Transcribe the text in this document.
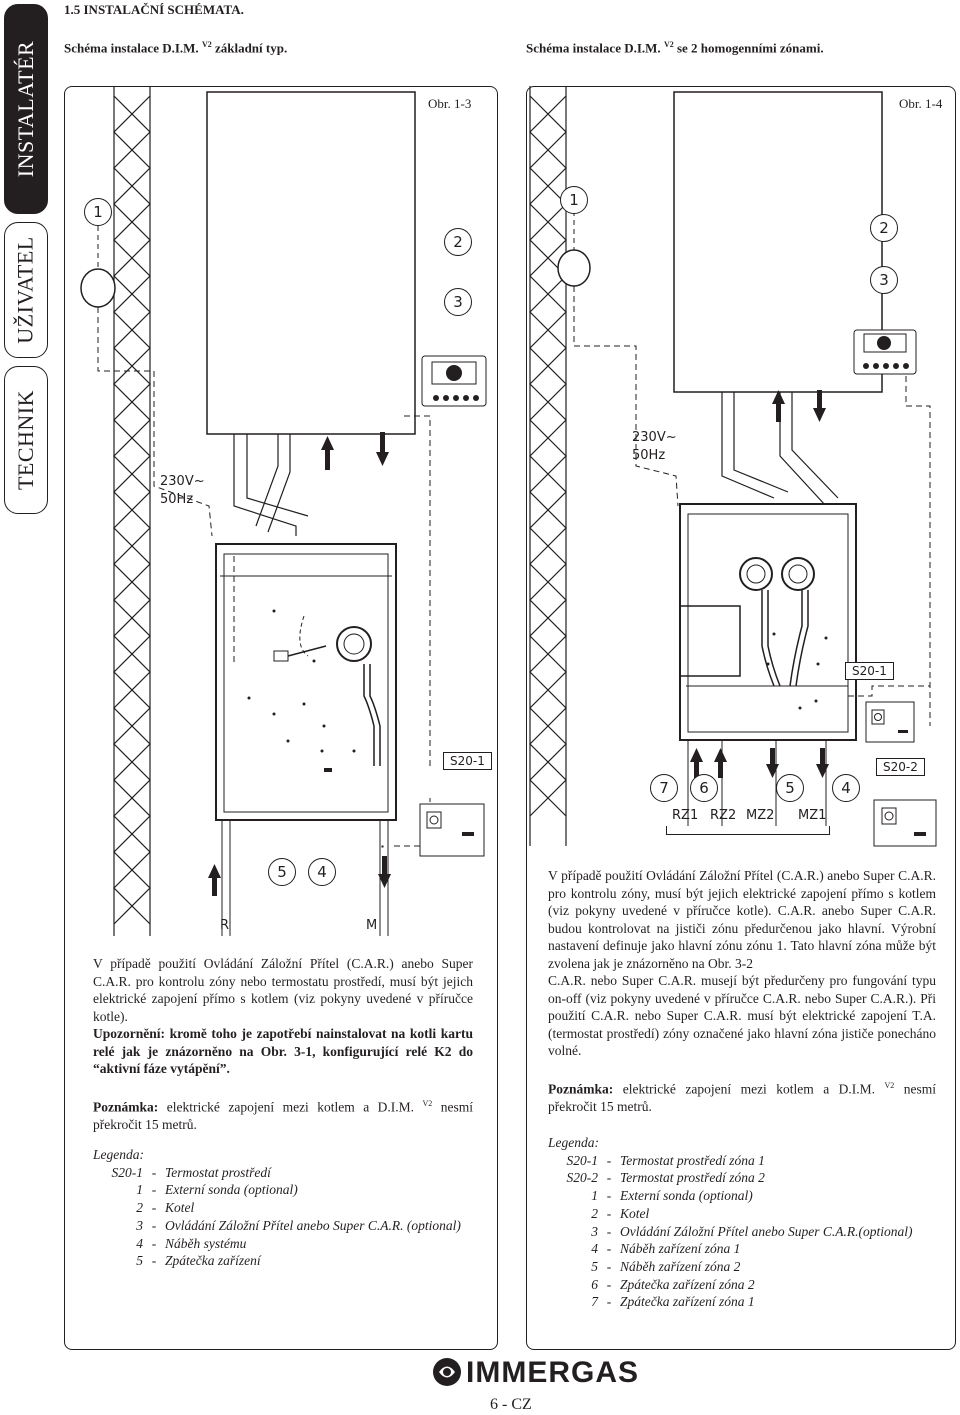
INSTALATÉR
UŽIVATEL
TECHNIK
1.5 INSTALAČNÍ SCHÉMATA.
Schéma instalace D.I.M. $^{V2}$ základní typ.	Schéma instalace D.I.M. $^{V2}$ se 2 homogenními zónami.
Obr. 1-3	Obr. 1-4
1
2
3
5	4
230V~
50Hz
S20-1
R	M
1
2
3
7	6	5	4
230V~
50Hz
S20-1
S20-2
RZ1 RZ2 MZ2 MZ1

V případě použití Ovládání Záložní Přítel (C.A.R.) anebo Super C.A.R. pro kontrolu zóny nebo termostatu prostředí, musí být jejich elektrické zapojení přímo s kotlem (viz pokyny uvedené v příručce kotle).

Upozornění: kromě toho je zapotřebí nainstalovat na kotli kartu relé jak je znázorněno na Obr. 3-1, konfigurující relé K2 do “aktivní fáze vytápění”.

Poznámka: elektrické zapojení mezi kotlem a D.I.M. $^{V2}$ nesmí překročit 15 metrů.

Legenda:
S20-1 - Termostat prostředí
1 - Externí sonda (optional)
2 - Kotel
3 - Ovládání Záložní Přítel anebo Super C.A.R. (optional)
4 - Náběh systému
5 - Zpátečka zařízení

V případě použití Ovládání Záložní Přítel (C.A.R.) anebo Super C.A.R. pro kontrolu zóny, musí být jejich elektrické zapojení přímo s kotlem (viz pokyny uvedené v příručce kotle). C.A.R. anebo Super C.A.R. budou kontrolovat na jističi zónu předurčenou jako hlavní. Výrobní nastavení definuje jako hlavní zónu zónu 1. Tato hlavní zóna může být zvolena jak je znázorněno na Obr. 3-2

C.A.R. nebo Super C.A.R. musejí být předurčeny pro fungování typu on-off (viz pokyny uvedené v příručce C.A.R. nebo Super C.A.R.). Při použití C.A.R. nebo Super C.A.R. musí být elektrické zapojení T.A. (termostat prostředí) zóny označené jako hlavní zóna jističe ponecháno volné.

Poznámka: elektrické zapojení mezi kotlem a D.I.M. $^{V2}$ nesmí překročit 15 metrů.

Legenda:
S20-1 - Termostat prostředí zóna 1
S20-2 - Termostat prostředí zóna 2
1 - Externí sonda (optional)
2 - Kotel
3 - Ovládání Záložní Přítel anebo Super C.A.R.(optional)
4 - Náběh zařízení zóna 1
5 - Náběh zařízení zóna 2
6 - Zpátečka zařízení zóna 2
7 - Zpátečka zařízení zóna 1
IMMERGAS
6 - CZ
